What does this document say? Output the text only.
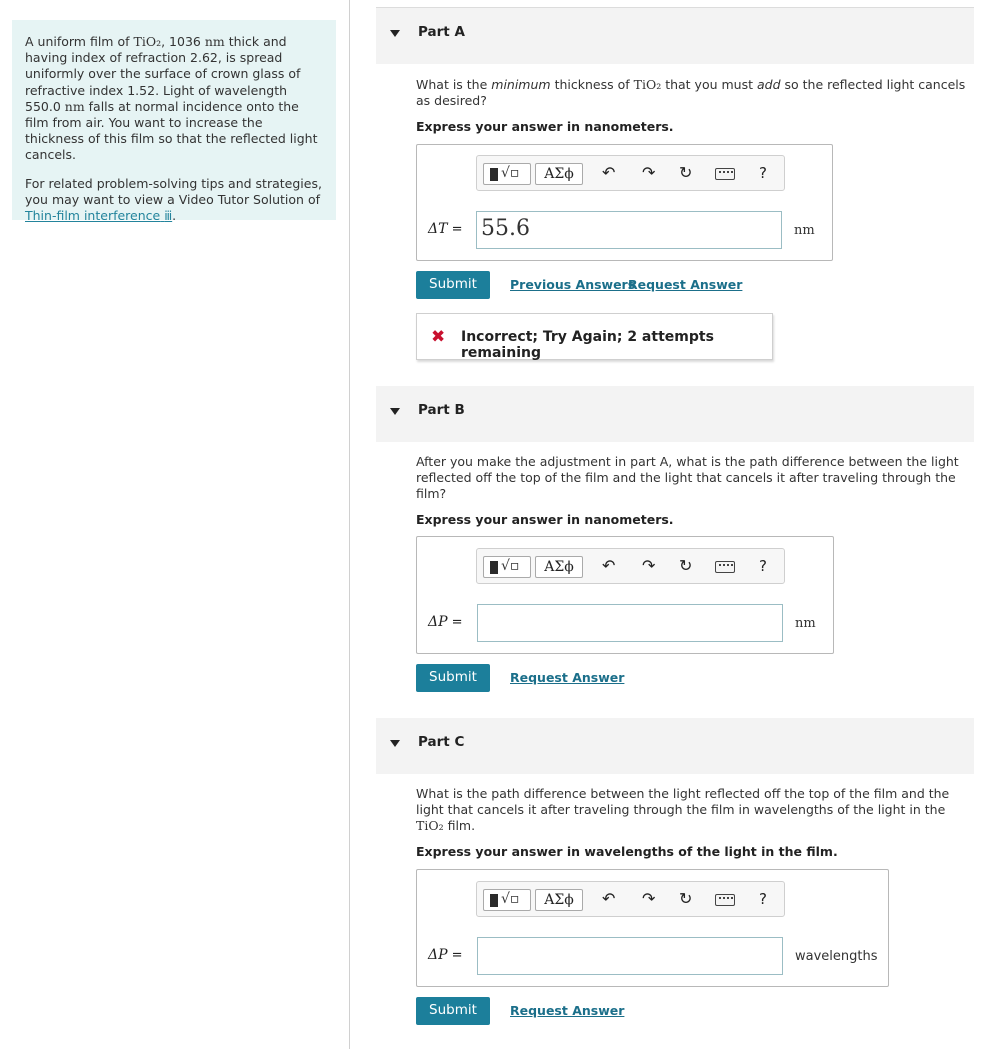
A uniform film of TiO₂, 1036 nm thick and having index of refraction 2.62, is spread uniformly over the surface of crown glass of refractive index 1.52. Light of wavelength 550.0 nm falls at normal incidence onto the film from air. You want to increase the thickness of this film so that the reflected light cancels.

For related problem-solving tips and strategies, you may want to view a Video Tutor Solution of Thin-film interference ⅲ.

Part A
What is the minimum thickness of TiO₂ that you must add so the reflected light cancels as desired?
Express your answer in nanometers.
√▫	ΑΣϕ	↶ ↷ ↻	?
ΔT = 55.6	nm
Submit	Previous Answers
Request Answer
✖ Incorrect; Try Again; 2 attempts remaining
Part B
After you make the adjustment in part A, what is the path difference between the light reflected off the top of the film and the light that cancels it after traveling through the film?
Express your answer in nanometers.
√▫	ΑΣϕ	↶ ↷ ↻	?
ΔP =	nm
Submit	Request Answer
Part C
What is the path difference between the light reflected off the top of the film and the light that cancels it after traveling through the film in wavelengths of the light in the TiO₂ film.
Express your answer in wavelengths of the light in the film.
√▫	ΑΣϕ	↶ ↷ ↻	?
ΔP =	wavelengths
Submit	Request Answer
